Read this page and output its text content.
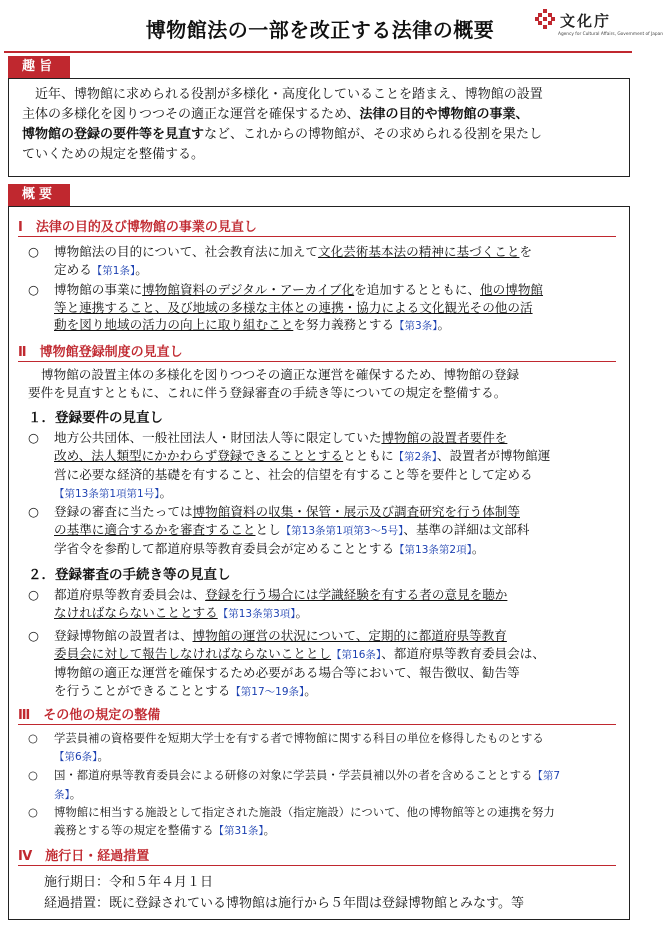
博物館法の一部を改正する法律の概要	文化庁
Agency for Cultural Affairs, Government of Japan
趣旨

近年、博物館に求められる役割が多様化・高度化していることを踏まえ、博物館の設置

主体の多様化を図りつつその適正な運営を確保するため、法律の目的や博物館の事業、
博物館の登録の要件等を見直すなど、これからの博物館が、その求められる役割を果たし
ていくための規定を整備する。
概要
Ⅰ　法律の目的及び博物館の事業の見直し
○ 博物館法の目的について、社会教育法に加えて文化芸術基本法の精神に基づくことを
定める【第1条】。
○ 博物館の事業に博物館資料のデジタル・アーカイブ化を追加するとともに、他の博物館
等と連携すること、及び地域の多様な主体との連携・協力による文化観光その他の活
動を図り地域の活力の向上に取り組むことを努力義務とする【第3条】。
Ⅱ　博物館登録制度の見直し
博物館の設置主体の多様化を図りつつその適正な運営を確保するため、博物館の登録
要件を見直すとともに、これに伴う登録審査の手続き等についての規定を整備する。
１．登録要件の見直し
○ 地方公共団体、一般社団法人・財団法人等に限定していた博物館の設置者要件を
改め、法人類型にかかわらず登録できることとするとともに【第2条】、設置者が博物館運
営に必要な経済的基礎を有すること、社会的信望を有すること等を要件として定める
【第13条第1項第1号】。
○ 登録の審査に当たっては博物館資料の収集・保管・展示及び調査研究を行う体制等
の基準に適合するかを審査することとし【第13条第1項第3～5号】、基準の詳細は文部科
学省令を参酌して都道府県等教育委員会が定めることとする【第13条第2項】。
２．登録審査の手続き等の見直し
○ 都道府県等教育委員会は、登録を行う場合には学識経験を有する者の意見を聴か
なければならないこととする【第13条第3項】。
○ 登録博物館の設置者は、博物館の運営の状況について、定期的に都道府県等教育
委員会に対して報告しなければならないこととし【第16条】、都道府県等教育委員会は、
博物館の適正な運営を確保するため必要がある場合等において、報告徴収、勧告等
を行うことができることとする【第17～19条】。
Ⅲ　その他の規定の整備
○ 学芸員補の資格要件を短期大学士を有する者で博物館に関する科目の単位を修得したものとする
【第6条】。
○ 国・都道府県等教育委員会による研修の対象に学芸員・学芸員補以外の者を含めることとする【第7
条】。
○ 博物館に相当する施設として指定された施設（指定施設）について、他の博物館等との連携を努力
義務とする等の規定を整備する【第31条】。
Ⅳ　施行日・経過措置
施行期日：令和５年４月１日
経過措置：既に登録されている博物館は施行から５年間は登録博物館とみなす。等
